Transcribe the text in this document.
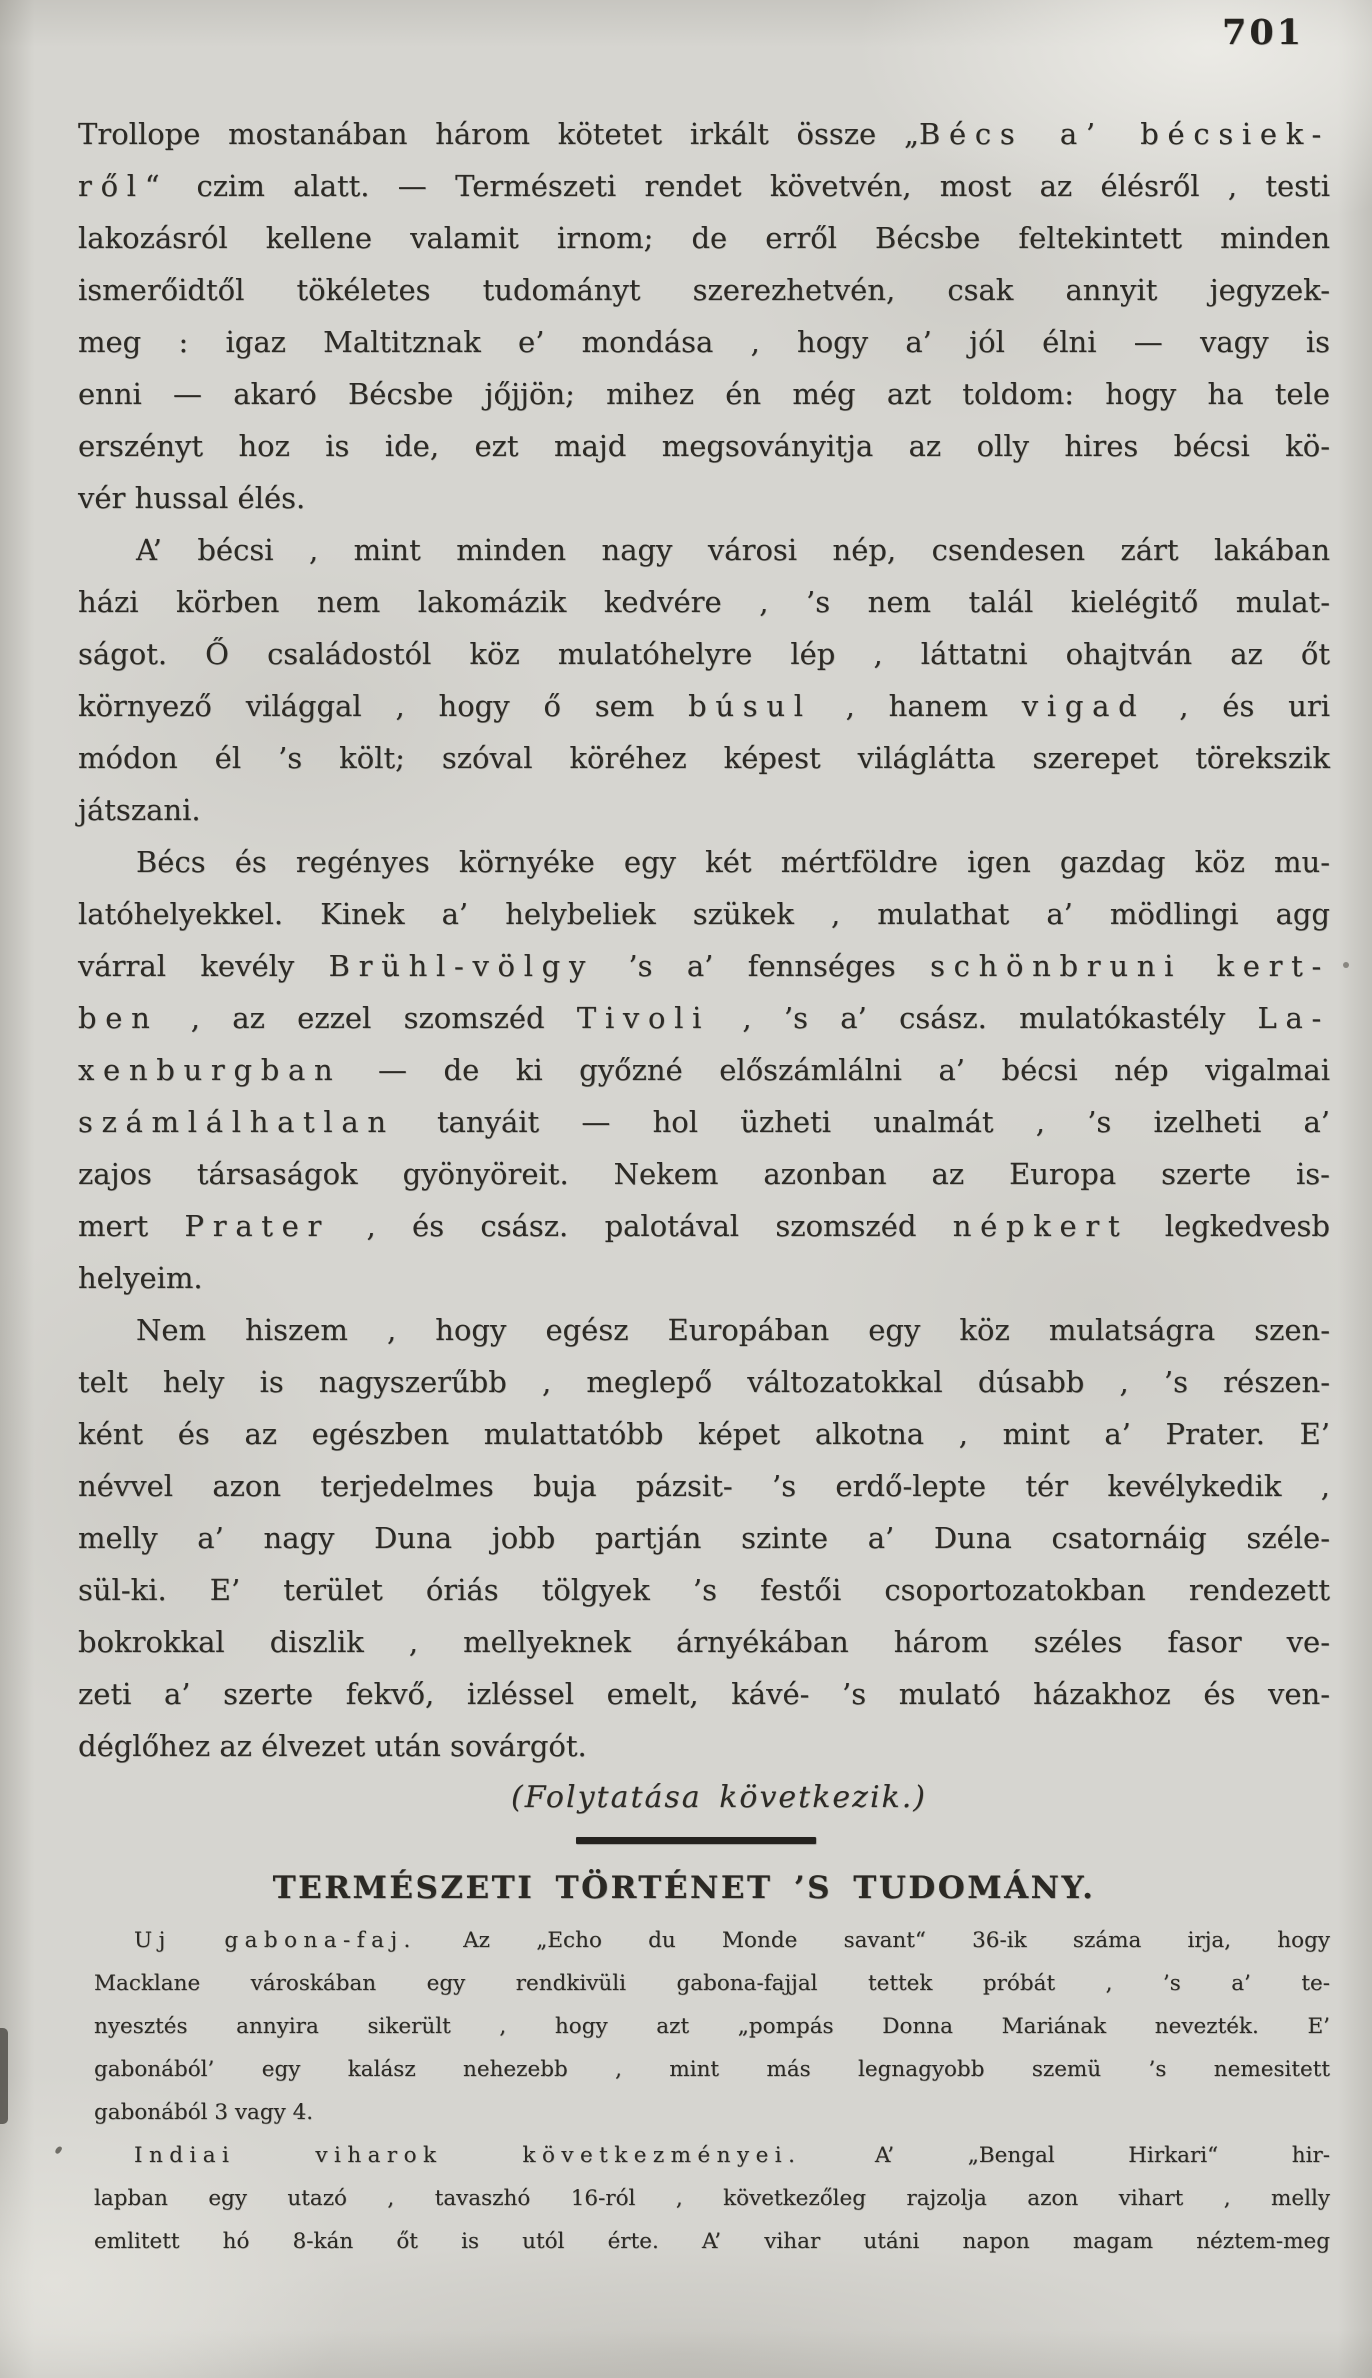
701
Trollope mostanában három kötetet irkált össze „Bécs a’ bécsiek-
ről“ czim alatt. — Természeti rendet követvén, most az élésről , testi
lakozásról kellene valamit irnom; de erről Bécsbe feltekintett minden
ismerőidtől tökéletes tudományt szerezhetvén, csak annyit jegyzek-
meg : igaz Maltitznak e’ mondása , hogy a’ jól élni — vagy is
enni — akaró Bécsbe jőjjön; mihez én még azt toldom: hogy ha tele
erszényt hoz is ide, ezt majd megsoványitja az olly hires bécsi kö-
vér hussal élés.
A’ bécsi , mint minden nagy városi nép, csendesen zárt lakában
házi körben nem lakomázik kedvére , ’s nem talál kielégitő mulat-
ságot. Ő családostól köz mulatóhelyre lép , láttatni ohajtván az őt
környező világgal , hogy ő sem búsul , hanem vigad , és uri
módon él ’s költ; szóval köréhez képest világlátta szerepet törekszik
játszani.
Bécs és regényes környéke egy két mértföldre igen gazdag köz mu-
latóhelyekkel. Kinek a’ helybeliek szükek , mulathat a’ mödlingi agg
várral kevély Brühl-völgy ’s a’ fennséges schönbruni kert-
ben , az ezzel szomszéd Tivoli , ’s a’ csász. mulatókastély La-
xenburgban — de ki győzné előszámlálni a’ bécsi nép vigalmai
számlálhatlan tanyáit — hol üzheti unalmát , ’s izelheti a’
zajos társaságok gyönyöreit. Nekem azonban az Europa szerte is-
mert Prater , és csász. palotával szomszéd népkert legkedvesb
helyeim.
Nem hiszem , hogy egész Europában egy köz mulatságra szen-
telt hely is nagyszerűbb , meglepő változatokkal dúsabb , ’s részen-
ként és az egészben mulattatóbb képet alkotna , mint a’ Prater. E’
névvel azon terjedelmes buja pázsit- ’s erdő-lepte tér kevélykedik ,
melly a’ nagy Duna jobb partján szinte a’ Duna csatornáig széle-
sül-ki. E’ terület óriás tölgyek ’s festői csoportozatokban rendezett
bokrokkal diszlik , mellyeknek árnyékában három széles fasor ve-
zeti a’ szerte fekvő, izléssel emelt, kávé- ’s mulató házakhoz és ven-
déglőhez az élvezet után sovárgót.
(Folytatása következik.)
TERMÉSZETI TÖRTÉNET ’S TUDOMÁNY.
Uj gabona-faj. Az „Echo du Monde savant“ 36-ik száma irja, hogy
Macklane városkában egy rendkivüli gabona-fajjal tettek próbát , ’s a’ te-
nyesztés annyira sikerült , hogy azt „pompás Donna Mariának nevezték. E’
gabonából’ egy kalász nehezebb , mint más legnagyobb szemü ’s nemesitett
gabonából 3 vagy 4.
Indiai viharok következményei. A’ „Bengal Hirkari“ hir-
lapban egy utazó , tavaszhó 16-ról , következőleg rajzolja azon vihart , melly
emlitett hó 8-kán őt is utól érte. A’ vihar utáni napon magam néztem-meg
